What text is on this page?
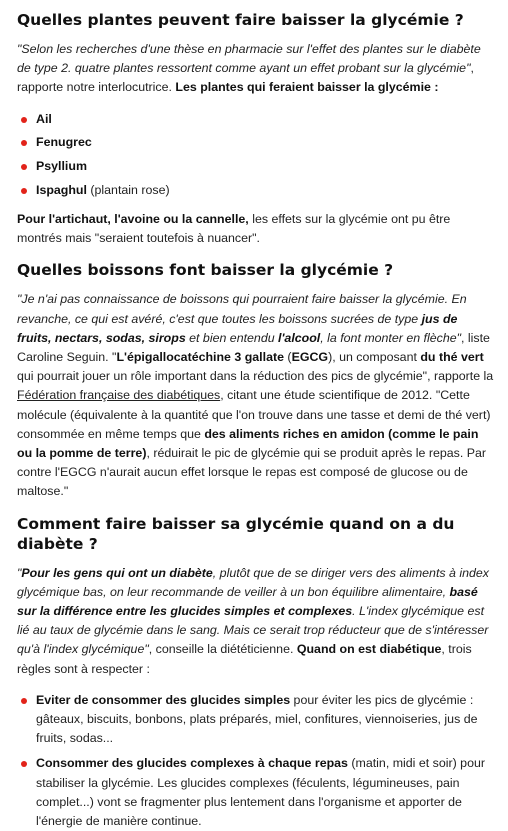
Quelles plantes peuvent faire baisser la glycémie ?

"Selon les recherches d'une thèse en pharmacie sur l'effet des plantes sur le diabète de type 2. quatre plantes ressortent comme ayant un effet probant sur la glycémie", rapporte notre interlocutrice. Les plantes qui feraient baisser la glycémie :

Ail
Fenugrec
Psyllium
Ispaghul (plantain rose)

Pour l'artichaut, l'avoine ou la cannelle, les effets sur la glycémie ont pu être montrés mais "seraient toutefois à nuancer".

Quelles boissons font baisser la glycémie ?

"Je n'ai pas connaissance de boissons qui pourraient faire baisser la glycémie. En revanche, ce qui est avéré, c'est que toutes les boissons sucrées de type jus de fruits, nectars, sodas, sirops et bien entendu l'alcool, la font monter en flèche", liste Caroline Seguin. "L'épigallocatéchine 3 gallate (EGCG), un composant du thé vert qui pourrait jouer un rôle important dans la réduction des pics de glycémie", rapporte la Fédération française des diabétiques, citant une étude scientifique de 2012. "Cette molécule (équivalente à la quantité que l'on trouve dans une tasse et demi de thé vert) consommée en même temps que des aliments riches en amidon (comme le pain ou la pomme de terre), réduirait le pic de glycémie qui se produit après le repas. Par contre l'EGCG n'aurait aucun effet lorsque le repas est composé de glucose ou de maltose."

Comment faire baisser sa glycémie quand on a du diabète ?

"Pour les gens qui ont un diabète, plutôt que de se diriger vers des aliments à index glycémique bas, on leur recommande de veiller à un bon équilibre alimentaire, basé sur la différence entre les glucides simples et complexes. L'index glycémique est lié au taux de glycémie dans le sang. Mais ce serait trop réducteur que de s'intéresser qu'à l'index glycémique", conseille la diététicienne. Quand on est diabétique, trois règles sont à respecter :

Eviter de consommer des glucides simples pour éviter les pics de glycémie : gâteaux, biscuits, bonbons, plats préparés, miel, confitures, viennoiseries, jus de fruits, sodas...
Consommer des glucides complexes à chaque repas (matin, midi et soir) pour stabiliser la glycémie. Les glucides complexes (féculents, légumineuses, pain complet...) vont se fragmenter plus lentement dans l'organisme et apporter de l'énergie de manière continue.
